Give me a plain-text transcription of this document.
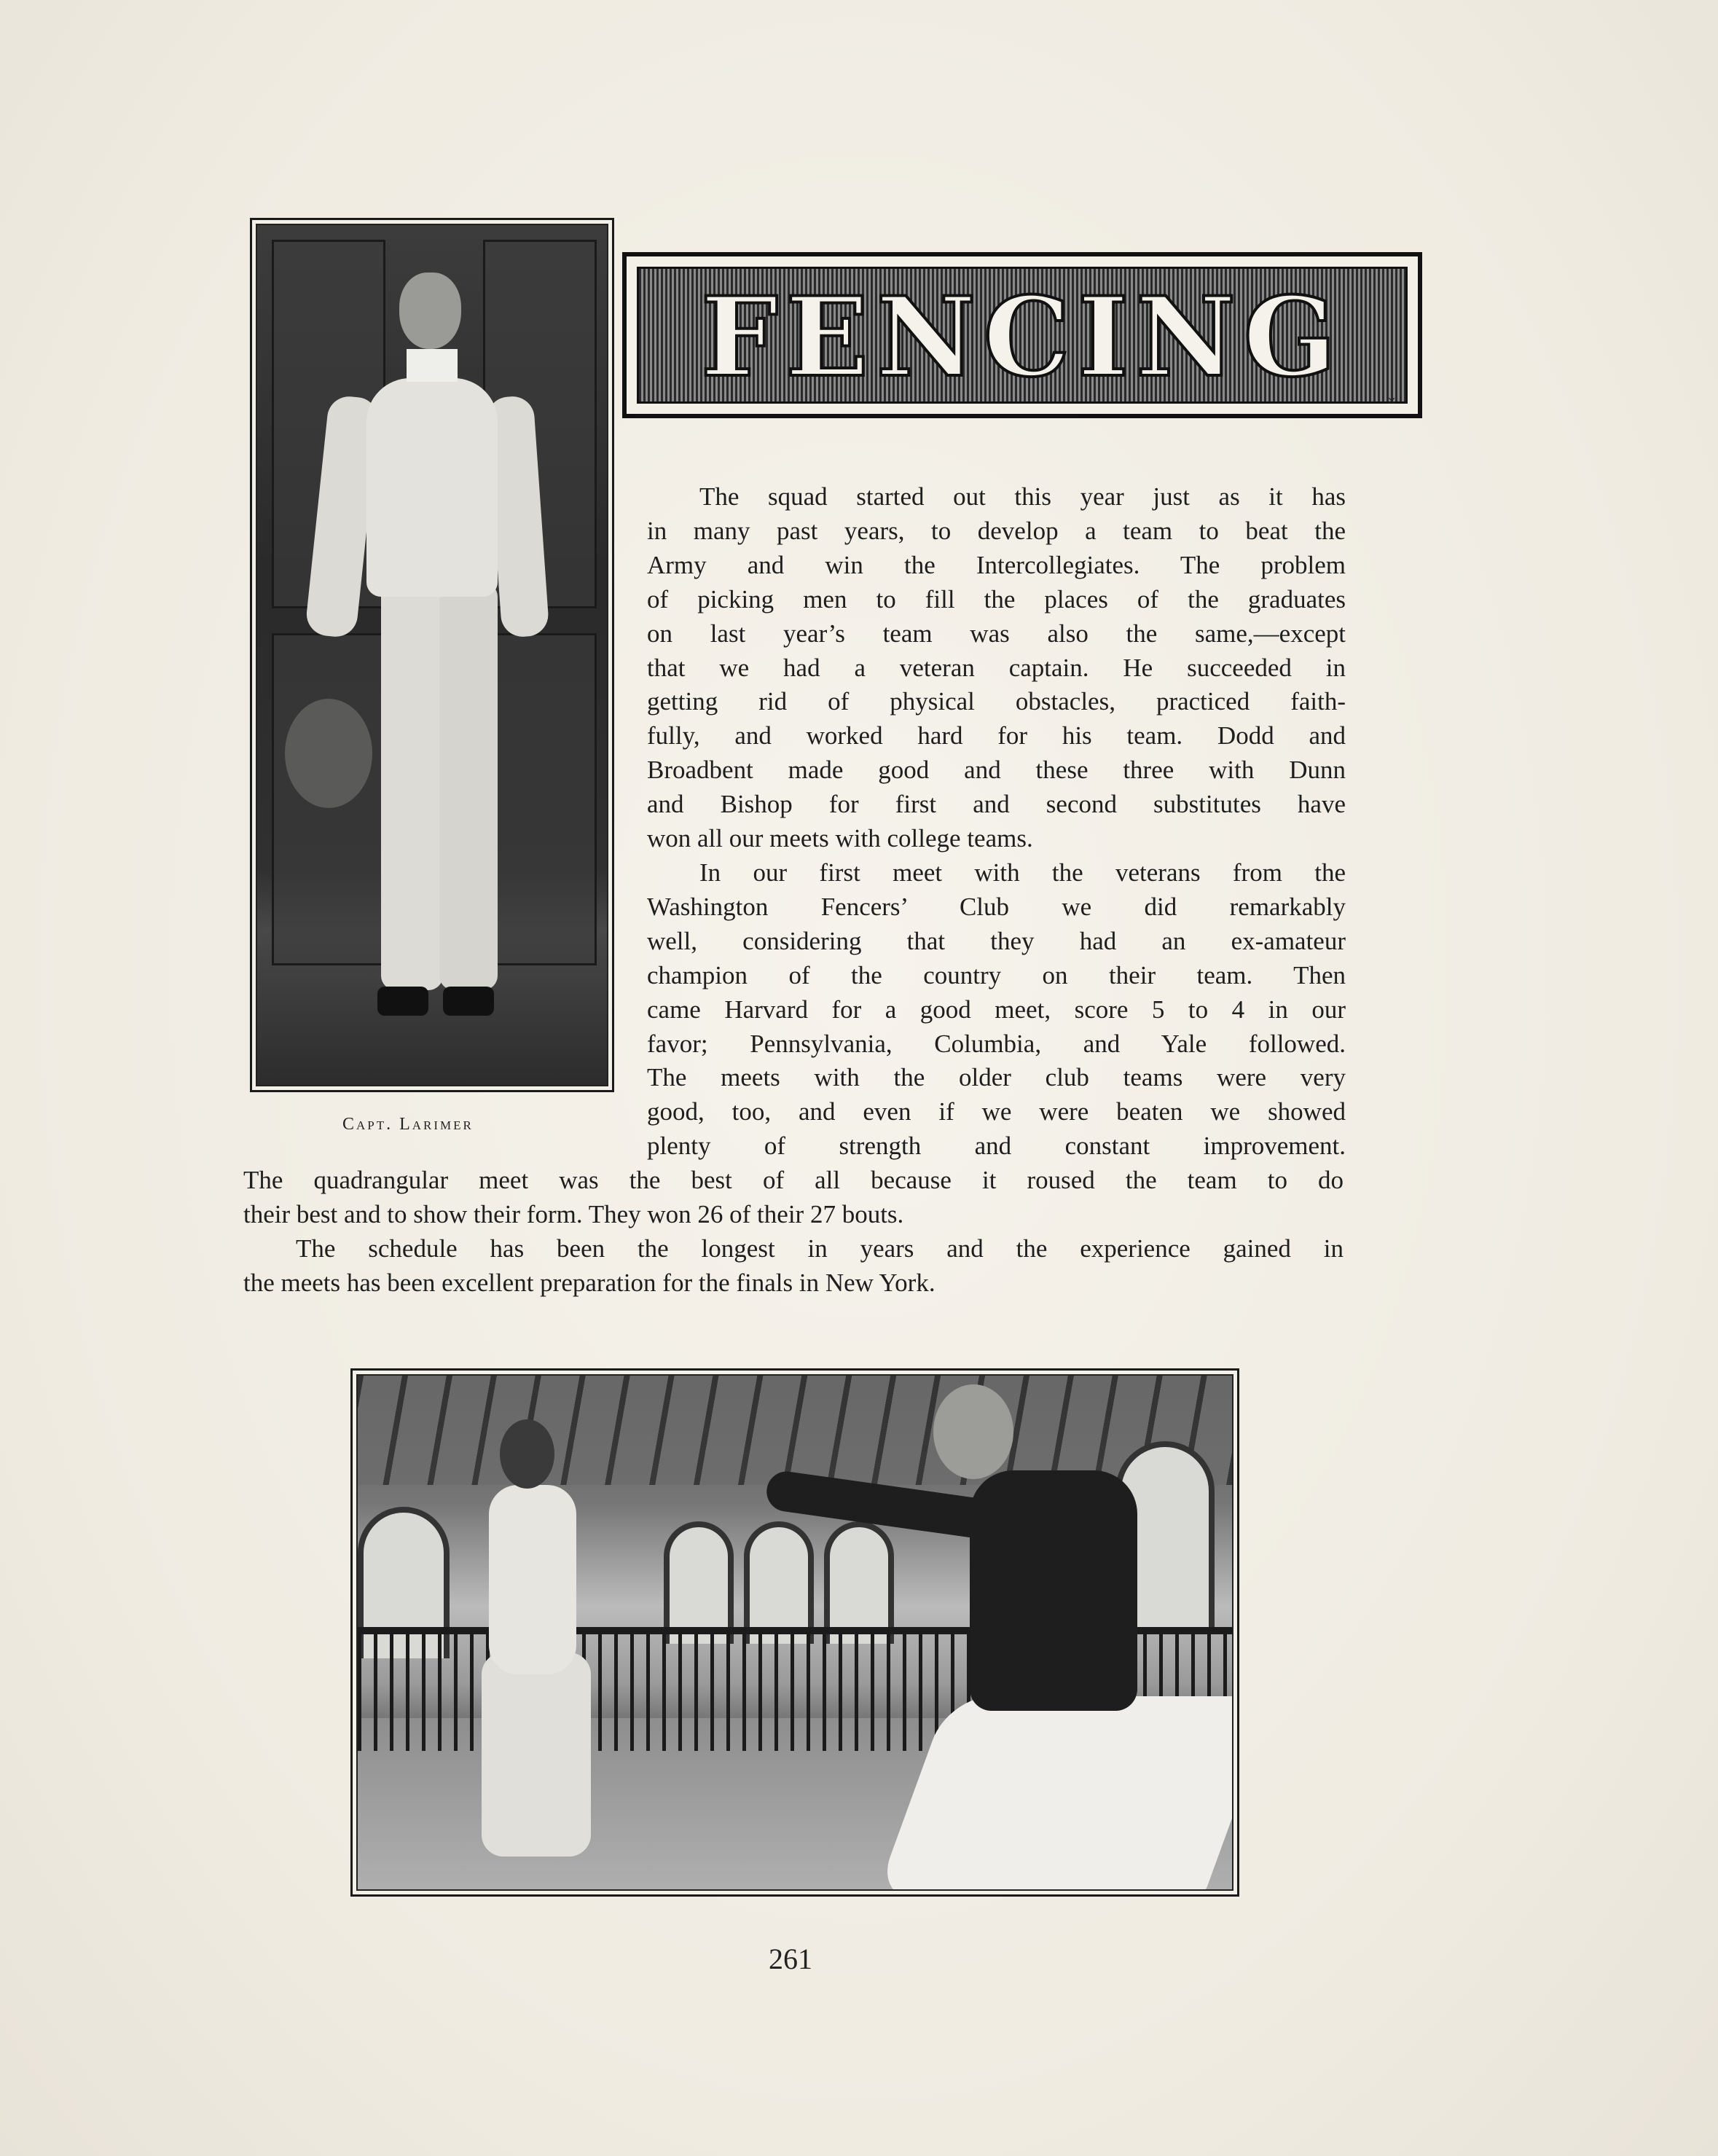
Capt. Larimer
FENCING
✕
The squad started out this year just as it has
in many past years, to develop a team to beat the
Army and win the Intercollegiates. The problem
of picking men to fill the places of the graduates
on last year’s team was also the same,—except
that we had a veteran captain. He succeeded in
getting rid of physical obstacles, practiced faith-
fully, and worked hard for his team. Dodd and
Broadbent made good and these three with Dunn
and Bishop for first and second substitutes have
won all our meets with college teams.
In our first meet with the veterans from the
Washington Fencers’ Club we did remarkably
well, considering that they had an ex-amateur
champion of the country on their team. Then
came Harvard for a good meet, score 5 to 4 in our
favor; Pennsylvania, Columbia, and Yale followed.
The meets with the older club teams were very
good, too, and even if we were beaten we showed
plenty of strength and constant improvement.
The quadrangular meet was the best of all because it roused the team to do
their best and to show their form. They won 26 of their 27 bouts.
The schedule has been the longest in years and the experience gained in
the meets has been excellent preparation for the finals in New York.
261
